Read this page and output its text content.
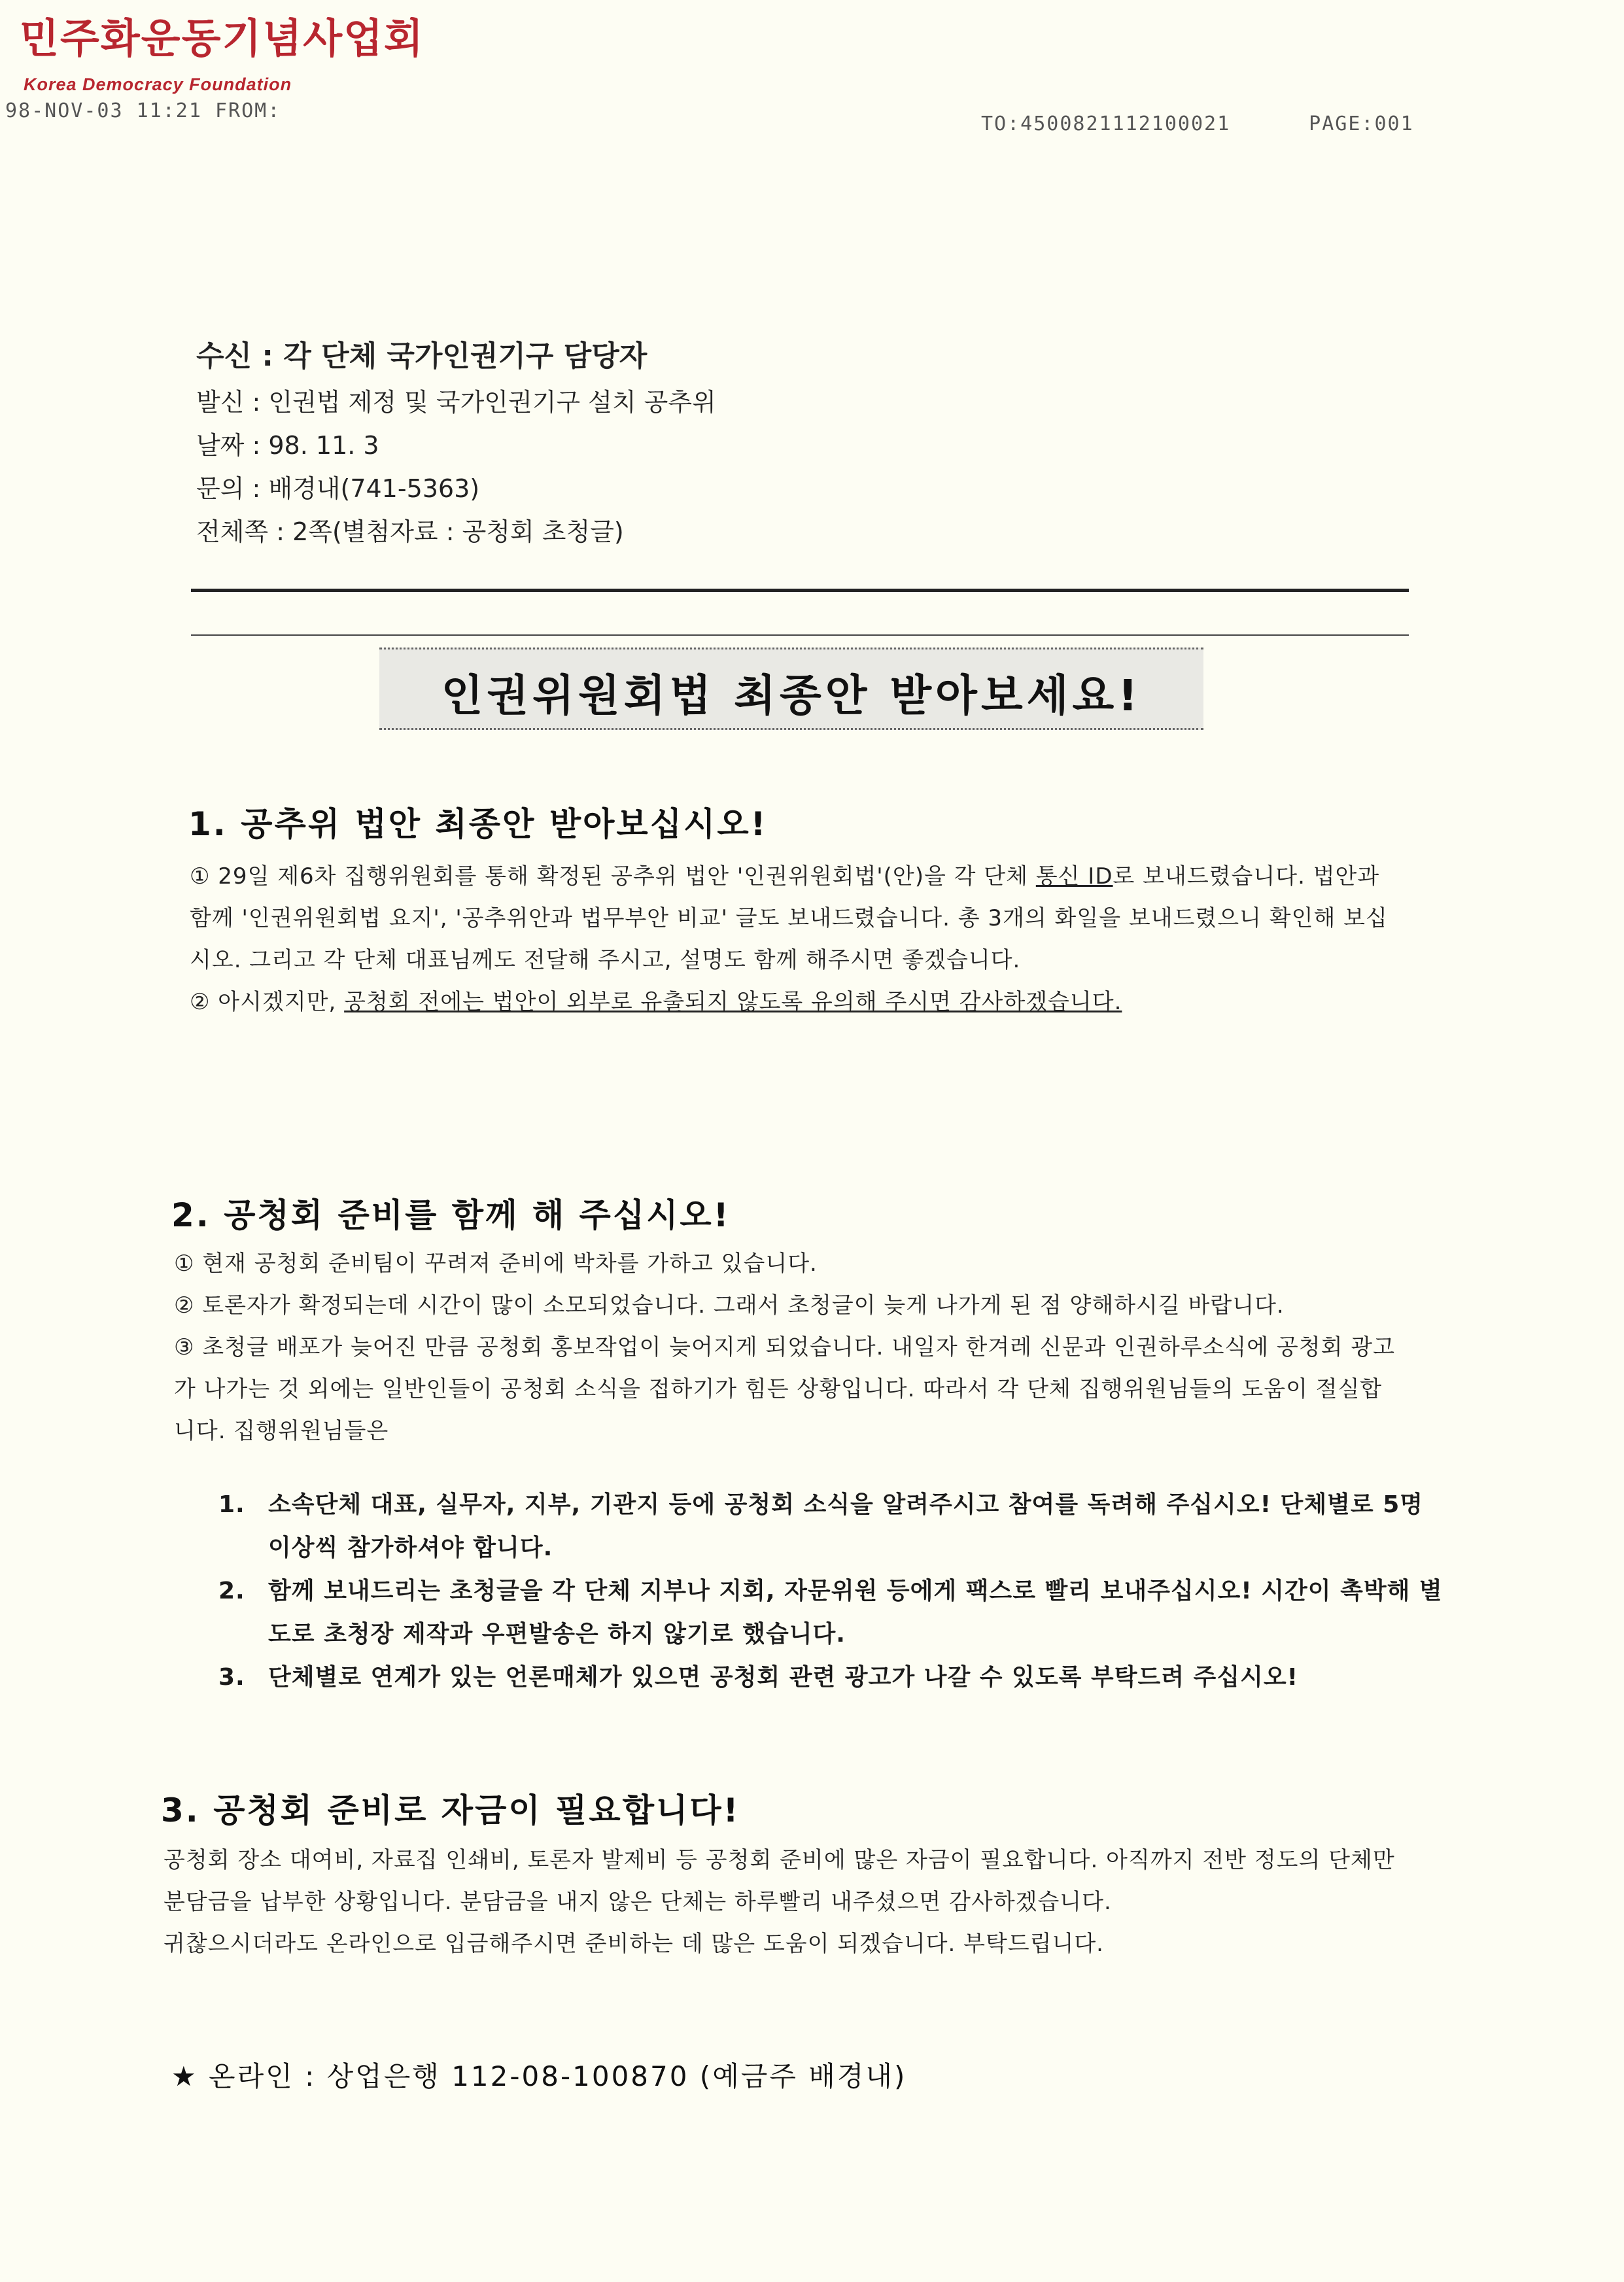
민주화운동기념사업회
Korea Democracy Foundation
98-NOV-03 11:21 FROM:
TO:4500821112100021	PAGE:001
수신 : 각 단체 국가인권기구 담당자
발신 : 인권법 제정 및 국가인권기구 설치 공추위
날짜 : 98. 11. 3
문의 : 배경내(741-5363)
전체쪽 : 2쪽(별첨자료 : 공청회 초청글)
인권위원회법 최종안 받아보세요!
1. 공추위 법안 최종안 받아보십시오!

① 29일 제6차 집행위원회를 통해 확정된 공추위 법안 '인권위원회법'(안)을 각 단체 통신 ID로 보내드렸습니다. 법안과 함께 '인권위원회법 요지', '공추위안과 법무부안 비교' 글도 보내드렸습니다. 총 3개의 화일을 보내드렸으니 확인해 보십시오. 그리고 각 단체 대표님께도 전달해 주시고, 설명도 함께 해주시면 좋겠습니다.

② 아시겠지만, 공청회 전에는 법안이 외부로 유출되지 않도록 유의해 주시면 감사하겠습니다.

2. 공청회 준비를 함께 해 주십시오!

① 현재 공청회 준비팀이 꾸려져 준비에 박차를 가하고 있습니다.

② 토론자가 확정되는데 시간이 많이 소모되었습니다. 그래서 초청글이 늦게 나가게 된 점 양해하시길 바랍니다.

③ 초청글 배포가 늦어진 만큼 공청회 홍보작업이 늦어지게 되었습니다. 내일자 한겨레 신문과 인권하루소식에 공청회 광고가 나가는 것 외에는 일반인들이 공청회 소식을 접하기가 힘든 상황입니다. 따라서 각 단체 집행위원님들의 도움이 절실합니다. 집행위원님들은

1. 소속단체 대표, 실무자, 지부, 기관지 등에 공청회 소식을 알려주시고 참여를 독려해 주십시오! 단체별로 5명 이상씩 참가하셔야 합니다.
2. 함께 보내드리는 초청글을 각 단체 지부나 지회, 자문위원 등에게 팩스로 빨리 보내주십시오! 시간이 촉박해 별도로 초청장 제작과 우편발송은 하지 않기로 했습니다.
3. 단체별로 연계가 있는 언론매체가 있으면 공청회 관련 광고가 나갈 수 있도록 부탁드려 주십시오!
3. 공청회 준비로 자금이 필요합니다!

공청회 장소 대여비, 자료집 인쇄비, 토론자 발제비 등 공청회 준비에 많은 자금이 필요합니다. 아직까지 전반 정도의 단체만 분담금을 납부한 상황입니다. 분담금을 내지 않은 단체는 하루빨리 내주셨으면 감사하겠습니다.

귀찮으시더라도 온라인으로 입금해주시면 준비하는 데 많은 도움이 되겠습니다. 부탁드립니다.

★ 온라인 : 상업은행 112-08-100870 (예금주 배경내)
